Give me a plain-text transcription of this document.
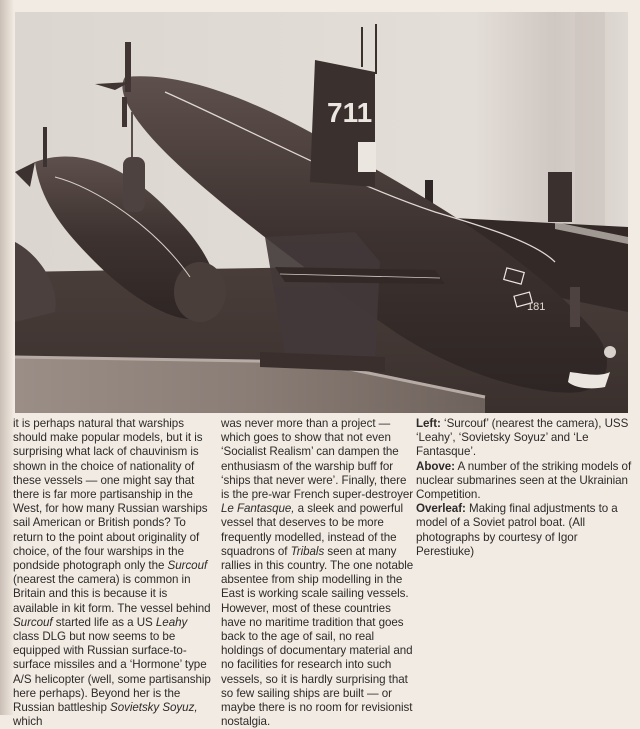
711
181

it is perhaps natural that warships should make popular models, but it is surprising what lack of chauvinism is shown in the choice of nationality of these vessels — one might say that there is far more partisanship in the West, for how many Russian warships sail American or British ponds? To return to the point about originality of choice, of the four warships in the pondside photograph only the Surcouf (nearest the camera) is common in Britain and this is because it is available in kit form. The vessel behind Surcouf started life as a US Leahy class DLG but now seems to be equipped with Russian surface-to-surface missiles and a ‘Hormone’ type A/S helicopter (well, some partisanship here perhaps). Beyond her is the Russian battleship Sovietsky Soyuz, which

was never more than a project — which goes to show that not even ‘Socialist Realism’ can dampen the enthusiasm of the warship buff for ‘ships that never were’. Finally, there is the pre-war French super-destroyer Le Fantasque, a sleek and powerful vessel that deserves to be more frequently modelled, instead of the squadrons of Tribals seen at many rallies in this country. The one notable absentee from ship modelling in the East is working scale sailing vessels. However, most of these countries have no maritime tradition that goes back to the age of sail, no real holdings of documentary material and no facilities for research into such vessels, so it is hardly surprising that so few sailing ships are built — or maybe there is no room for revisionist nostalgia.

Left: ‘Surcouf’ (nearest the camera), USS ‘Leahy’, ‘Sovietsky Soyuz’ and ‘Le Fantasque’.
Above: A number of the striking models of nuclear submarines seen at the Ukrainian Competition.
Overleaf: Making final adjustments to a model of a Soviet patrol boat. (All photographs by courtesy of Igor Perestiuke)
